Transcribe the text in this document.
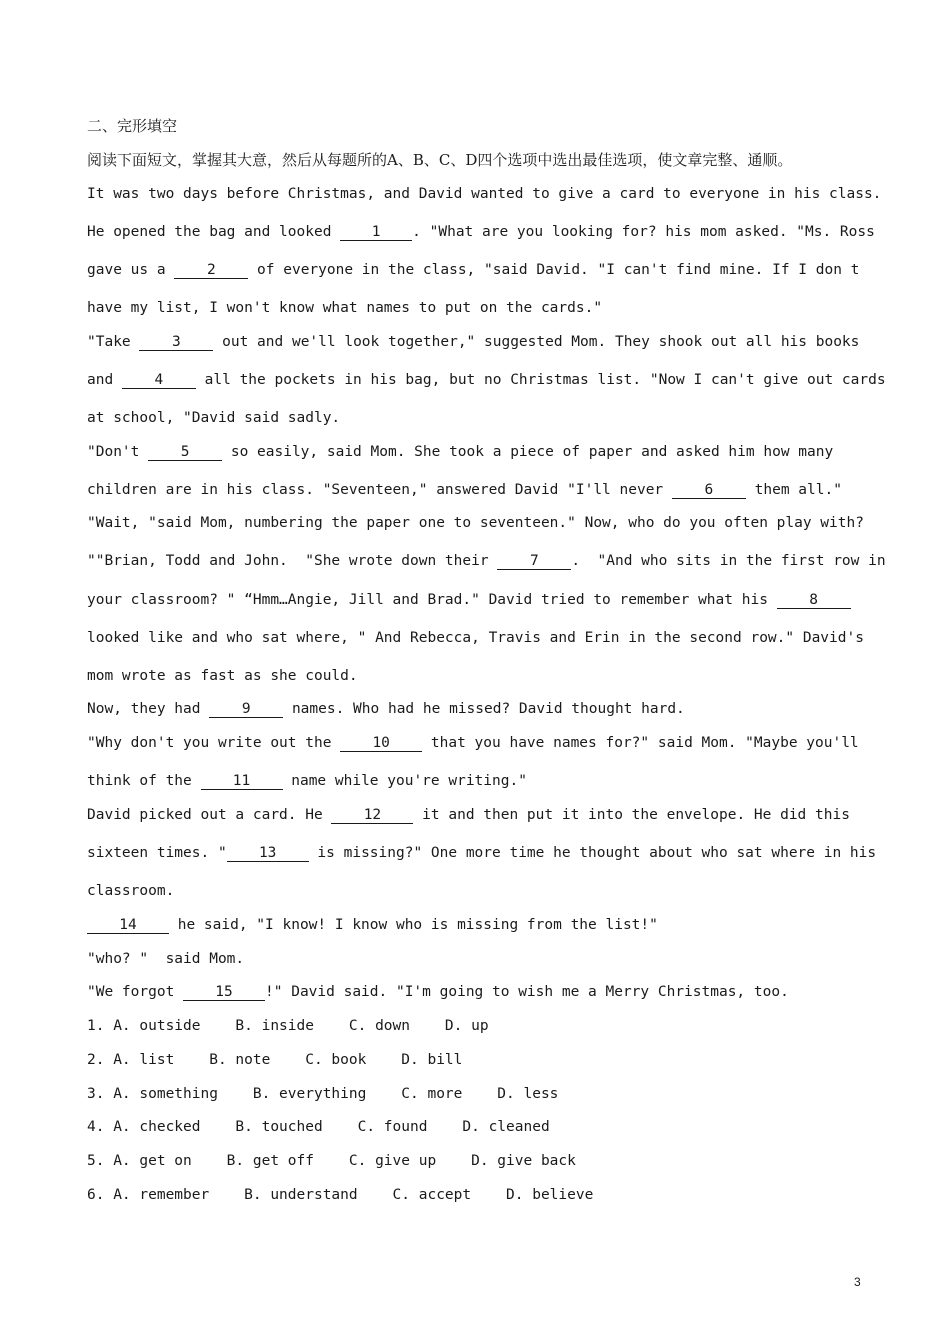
二、完形填空
阅读下面短文，掌握其大意，然后从每题所的A、B、C、D四个选项中选出最佳选项，使文章完整、通顺。
It was two days before Christmas, and David wanted to give a card to everyone in his class.
He opened the bag and looked 1 . "What are you looking for? his mom asked. "Ms. Ross
gave us a 2 of everyone in the class, "said David. "I can't find mine. If I don t
have my list, I won't know what names to put on the cards."
"Take 3 out and we'll look together," suggested Mom. They shook out all his books
and 4 all the pockets in his bag, but no Christmas list. "Now I can't give out cards
at school, "David said sadly.
"Don't 5 so easily, said Mom. She took a piece of paper and asked him how many
children are in his class. "Seventeen," answered David "I'll never 6 them all."
"Wait, "said Mom, numbering the paper one to seventeen." Now, who do you often play with?
""Brian, Todd and John.  "She wrote down their 7 .  "And who sits in the first row in
your classroom? " “Hmm…Angie, Jill and Brad." David tried to remember what his 8
looked like and who sat where, " And Rebecca, Travis and Erin in the second row." David's
mom wrote as fast as she could.
Now, they had 9 names. Who had he missed? David thought hard.
"Why don't you write out the 10 that you have names for?" said Mom. "Maybe you'll
think of the 11 name while you're writing."
David picked out a card. He 12 it and then put it into the envelope. He did this
sixteen times. " 13 is missing?" One more time he thought about who sat where in his
classroom.
14 he said, "I know! I know who is missing from the list!"
"who? "  said Mom.
"We forgot 15 !" David said. "I'm going to wish me a Merry Christmas, too.
1. A. outside    B. inside    C. down    D. up
2. A. list    B. note    C. book    D. bill
3. A. something    B. everything    C. more    D. less
4. A. checked    B. touched    C. found    D. cleaned
5. A. get on    B. get off    C. give up    D. give back
6. A. remember    B. understand    C. accept    D. believe
3
